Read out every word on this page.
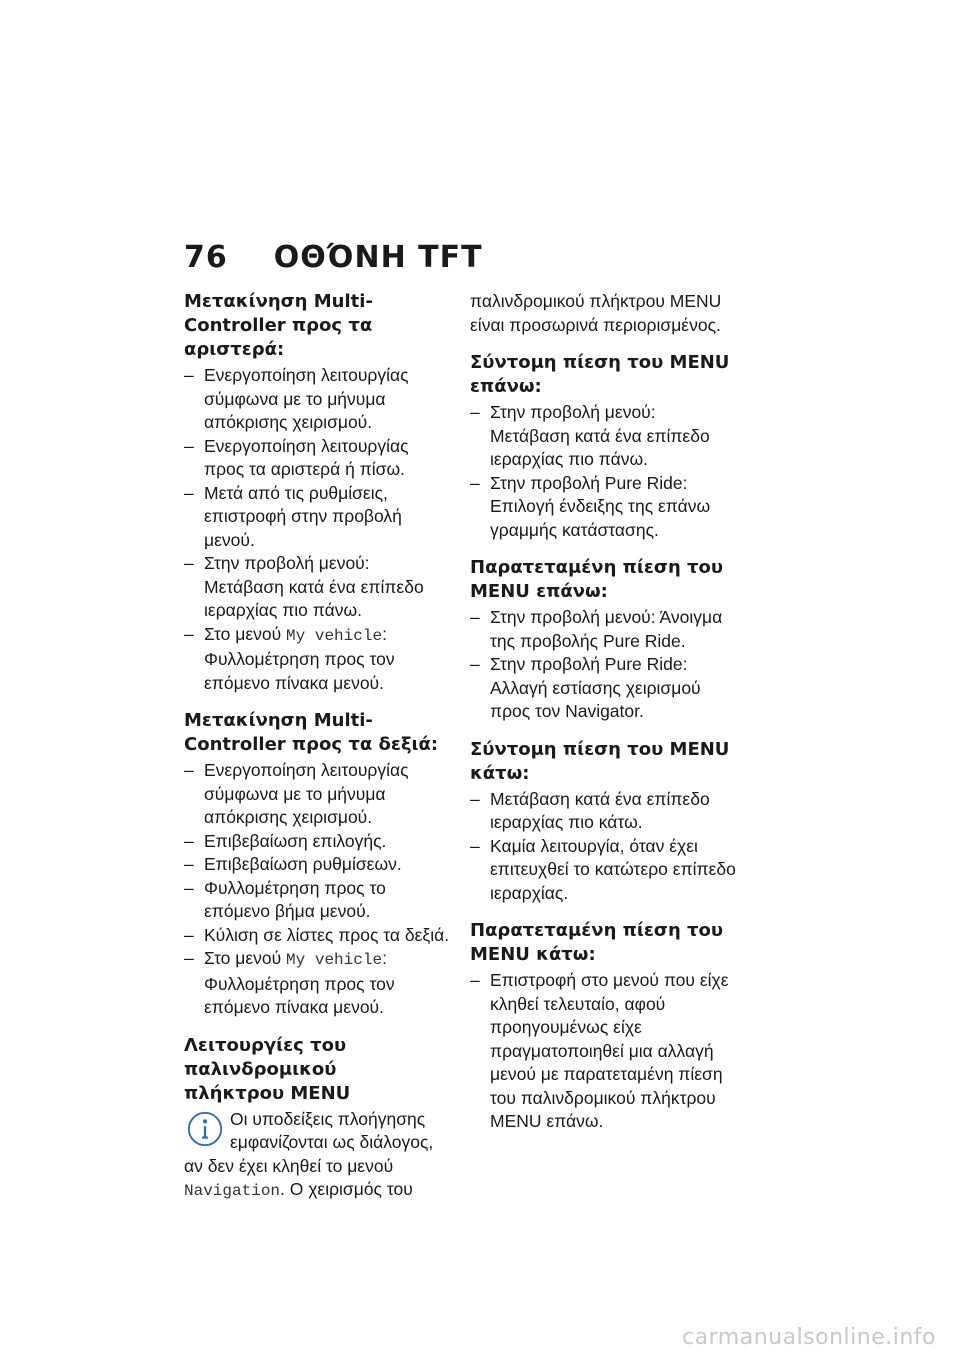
76 ΟΘΌΝΗ TFT
Μετακίνηση Multi-Controller προς τα αριστερά:
– Ενεργοποίηση λειτουργίας σύμφωνα με το μήνυμα απόκρισης χειρισμού.
– Ενεργοποίηση λειτουργίας προς τα αριστερά ή πίσω.
– Μετά από τις ρυθμίσεις, επιστροφή στην προβολή μενού.
– Στην προβολή μενού: Μετάβαση κατά ένα επίπεδο ιεραρχίας πιο πάνω.
– Στο μενού My vehicle: Φυλλομέτρηση προς τον επόμενο πίνακα μενού.
Μετακίνηση Multi-Controller προς τα δεξιά:
– Ενεργοποίηση λειτουργίας σύμφωνα με το μήνυμα απόκρισης χειρισμού.
– Επιβεβαίωση επιλογής.
– Επιβεβαίωση ρυθμίσεων.
– Φυλλομέτρηση προς το επόμενο βήμα μενού.
– Κύλιση σε λίστες προς τα δεξιά.
– Στο μενού My vehicle: Φυλλομέτρηση προς τον επόμενο πίνακα μενού.
Λειτουργίες του παλινδρομικού πλήκτρου MENU

Οι υποδείξεις πλοήγησης εμφανίζονται ως διάλογος, αν δεν έχει κληθεί το μενού Navigation. Ο χειρισμός του

παλινδρομικού πλήκτρου MENU είναι προσωρινά περιορισμένος.

Σύντομη πίεση του MENU επάνω:
– Στην προβολή μενού: Μετάβαση κατά ένα επίπεδο ιεραρχίας πιο πάνω.
– Στην προβολή Pure Ride: Επιλογή ένδειξης της επάνω γραμμής κατάστασης.
Παρατεταμένη πίεση του MENU επάνω:
– Στην προβολή μενού: Άνοιγμα της προβολής Pure Ride.
– Στην προβολή Pure Ride: Αλλαγή εστίασης χειρισμού προς τον Navigator.
Σύντομη πίεση του MENU κάτω:
– Μετάβαση κατά ένα επίπεδο ιεραρχίας πιο κάτω.
– Καμία λειτουργία, όταν έχει επιτευχθεί το κατώτερο επίπεδο ιεραρχίας.
Παρατεταμένη πίεση του MENU κάτω:
– Επιστροφή στο μενού που είχε κληθεί τελευταίο, αφού προηγουμένως είχε πραγματοποιηθεί μια αλλαγή μενού με παρατεταμένη πίεση του παλινδρομικού πλήκτρου MENU επάνω.
carmanualsonline.info
